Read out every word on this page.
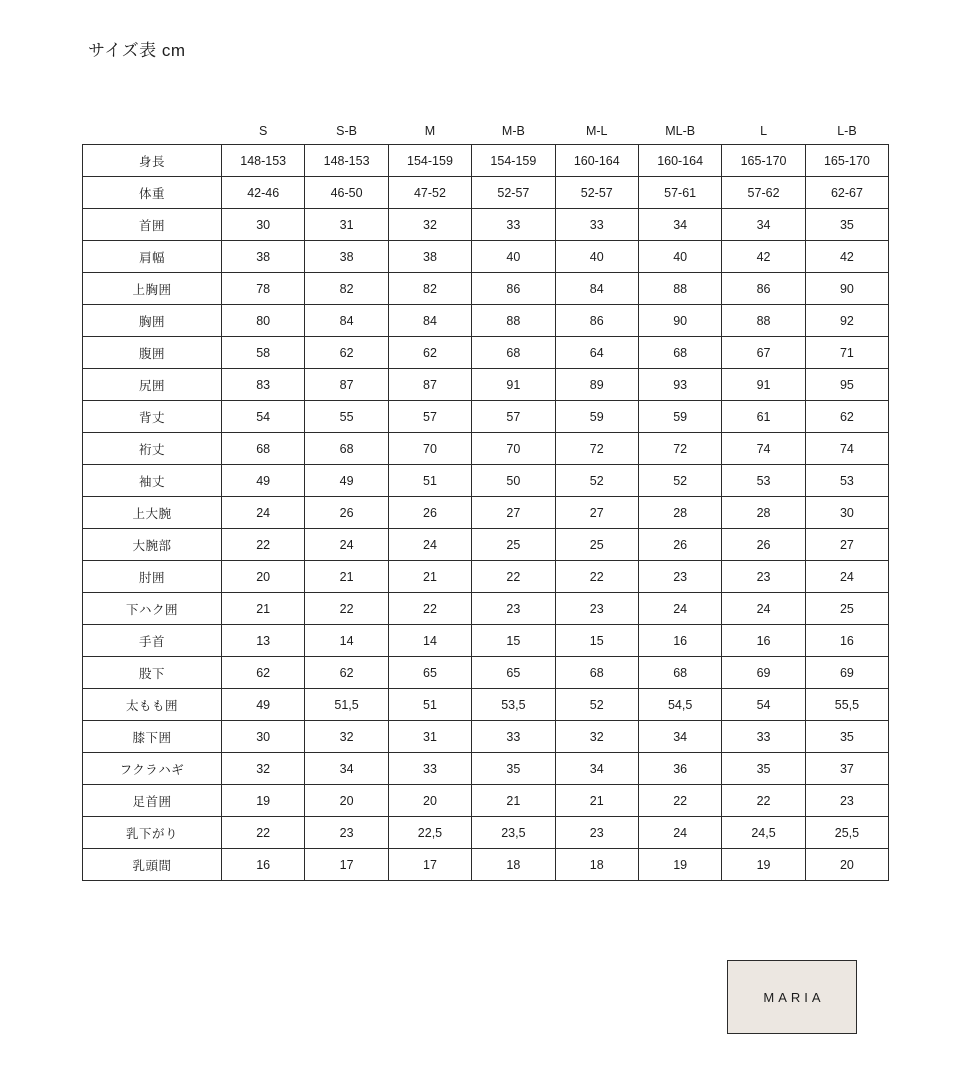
サイズ表 cm
	S	S-B	M	M-B	M-L	ML-B	L	L-B
身長	148-153	148-153	154-159	154-159	160-164	160-164	165-170	165-170
体重	42-46	46-50	47-52	52-57	52-57	57-61	57-62	62-67
首囲	30	31	32	33	33	34	34	35
肩幅	38	38	38	40	40	40	42	42
上胸囲	78	82	82	86	84	88	86	90
胸囲	80	84	84	88	86	90	88	92
腹囲	58	62	62	68	64	68	67	71
尻囲	83	87	87	91	89	93	91	95
背丈	54	55	57	57	59	59	61	62
裄丈	68	68	70	70	72	72	74	74
袖丈	49	49	51	50	52	52	53	53
上大腕	24	26	26	27	27	28	28	30
大腕部	22	24	24	25	25	26	26	27
肘囲	20	21	21	22	22	23	23	24
下ハク囲	21	22	22	23	23	24	24	25
手首	13	14	14	15	15	16	16	16
股下	62	62	65	65	68	68	69	69
太もも囲	49	51,5	51	53,5	52	54,5	54	55,5
膝下囲	30	32	31	33	32	34	33	35
フクラハギ	32	34	33	35	34	36	35	37
足首囲	19	20	20	21	21	22	22	23
乳下がり	22	23	22,5	23,5	23	24	24,5	25,5
乳頭間	16	17	17	18	18	19	19	20
MARIA
